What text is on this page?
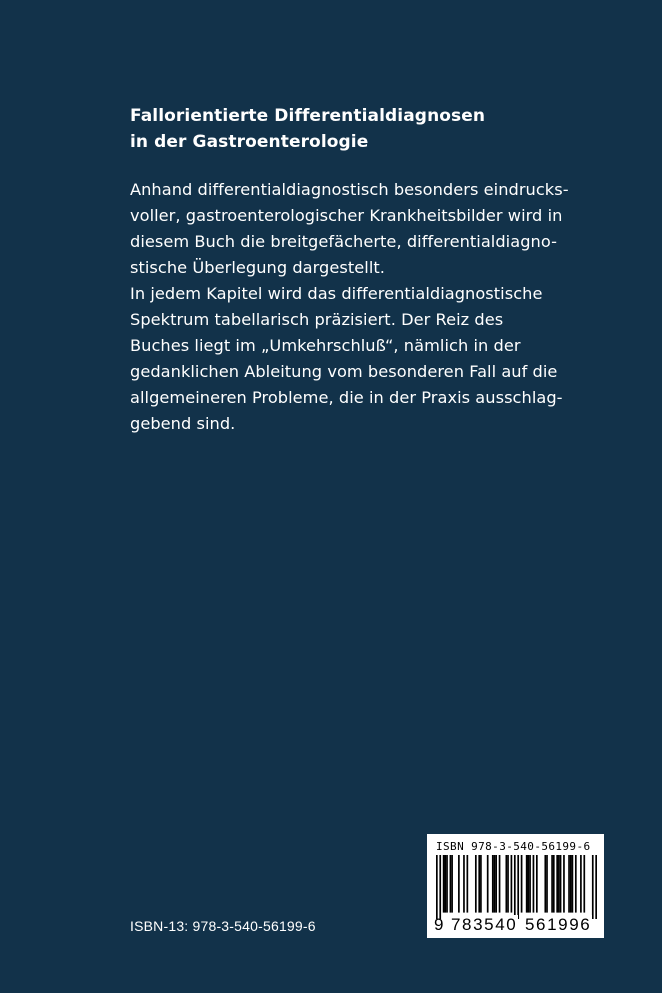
Fallorientierte Differentialdiagnosen
in der Gastroenterologie
Anhand differentialdiagnostisch besonders eindrucks-
voller, gastroenterologischer Krankheitsbilder wird in
diesem Buch die breitgefächerte, differentialdiagno-
stische Überlegung dargestellt.
In jedem Kapitel wird das differentialdiagnostische
Spektrum tabellarisch präzisiert. Der Reiz des
Buches liegt im „Umkehrschluß“, nämlich in der
gedanklichen Ableitung vom besonderen Fall auf die
allgemeineren Probleme, die in der Praxis ausschlag-
gebend sind.
ISBN-13: 978-3-540-56199-6
ISBN 978-3-540-56199-6
9 783540 561996
